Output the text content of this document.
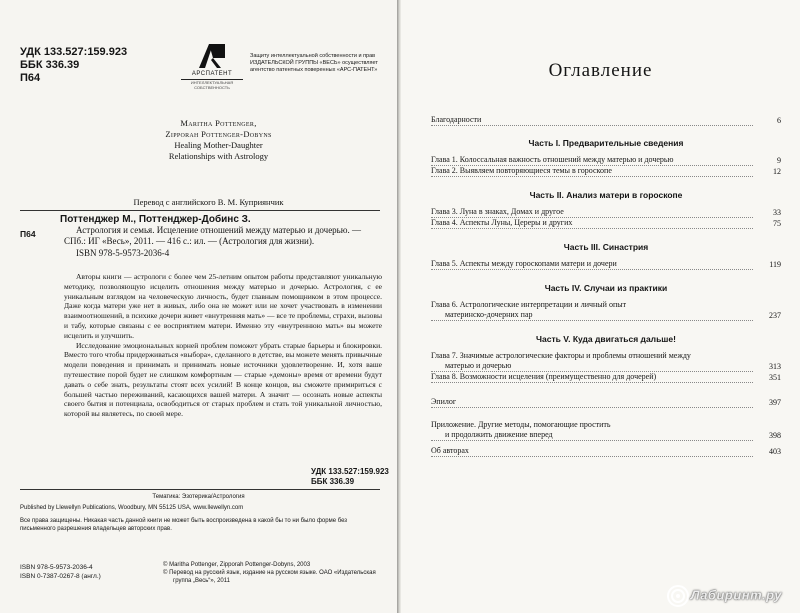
УДК 133.527:159.923
ББК 336.39
П64	АРСПАТЕНТ
ИНТЕЛЛЕКТУАЛЬНАЯ СОБСТВЕННОСТЬ
Защиту интеллектуальной собственности и прав ИЗДАТЕЛЬСКОЙ ГРУППЫ «ВЕСЬ» осуществляет агентство патентных поверенных «АРС-ПАТЕНТ»
Maritha Pottenger,
Zipporah Pottenger-Dobyns
Healing Mother-Daughter
Relationships with Astrology
Перевод с английского В. М. Куприянчик
П64
Поттенджер М., Поттенджер-Добинс З.

Астрология и семья. Исцеление отношений между матерью и дочерью. — СПб.: ИГ «Весь», 2011. — 416 с.: ил. — (Астрология для жизни).

ISBN 978-5-9573-2036-4

Авторы книги — астрологи с более чем 25-летним опытом работы представляют уникальную методику, позволяющую исцелить отношения между матерью и дочерью. Астрология, с ее уникальным взглядом на человеческую личность, будет главным помощником в этом процессе. Даже когда матери уже нет в живых, либо она не может или не хочет участвовать в изменении взаимоотношений, в психике дочери живет «внутренняя мать» — все те проблемы, страхи, вызовы и табу, которые связаны с ее восприятием матери. Именно эту «внутреннюю мать» вы можете исцелить и улучшить.

Исследование эмоциональных корней проблем поможет убрать старые барьеры и блокировки. Вместо того чтобы придерживаться «выбора», сделанного в детстве, вы можете менять привычные модели поведения и принимать и принимать новые источники удовлетворение. И, хотя ваше путешествие порой будет не слишком комфортным — старые «демоны» время от времени будут давать о себе знать, результаты стоят всех усилий! В конце концов, вы сможете примириться с большей частью переживаний, касающихся вашей матери. А значит — осознать новые аспекты своего бытия и потенциала, освободиться от старых проблем и стать той уникальной личностью, которой вы являетесь, по своей мере.

УДК 133.527:159.923
ББК 336.39
Тематика: Эзотерика/Астрология
Published by Llewellyn Publications, Woodbury, MN 55125 USA, www.llewellyn.com
Все права защищены. Никакая часть данной книги не может быть воспроизведена в какой бы то ни было форме без письменного разрешения владельцев авторских прав.
ISBN 978-5-9573-2036-4
ISBN 0-7387-0267-8 (англ.)
© Maritha Pottenger, Zipporah Pottenger-Dobyns, 2003
© Перевод на русский язык, издание на русском языке. ОАО «Издательская группа „Весь“», 2011
Оглавление
Благодарности	6
Часть I. Предварительные сведения
Глава 1. Колоссальная важность отношений между матерью и дочерью	9
Глава 2. Выявляем повторяющиеся темы в гороскопе	12
Часть II. Анализ матери в гороскопе
Глава 3. Луна в знаках, Домах и другое	33
Глава 4. Аспекты Луны, Цереры и других	75
Часть III. Синастрия
Глава 5. Аспекты между гороскопами матери и дочери	119
Часть IV. Случаи из практики
Глава 6. Астрологические интерпретации и личный опыт
материнско-дочерних пар	237
Часть V. Куда двигаться дальше!
Глава 7. Значимые астрологические факторы и проблемы отношений между
матерью и дочерью	313
Глава 8. Возможности исцеления (преимущественно для дочерей)	351
Эпилог	397
Приложение. Другие методы, помогающие простить
и продолжить движение вперед	398
Об авторах	403
Лабиринт.ру
